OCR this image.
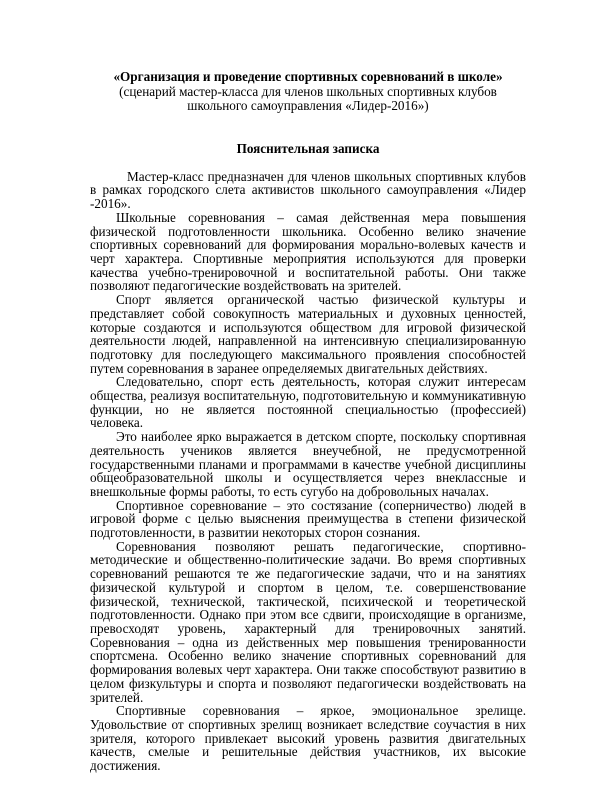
«Организация и проведение спортивных соревнований в школе»
(сценарий мастер-класса для членов школьных спортивных клубов
школьного самоуправления «Лидер-2016»)
Пояснительная записка

Мастер-класс предназначен для членов школьных спортивных клубов в рамках городского слета активистов школьного самоуправления «Лидер -2016».

Школьные соревнования – самая действенная мера повышения физической подготовленности школьника. Особенно велико значение спортивных соревнований для формирования морально-волевых качеств и черт характера. Спортивные мероприятия используются для проверки качества учебно-тренировочной и воспитательной работы. Они также позволяют педагогические воздействовать на зрителей.

Спорт является органической частью физической культуры и представляет собой совокупность материальных и духовных ценностей, которые создаются и используются обществом для игровой физической деятельности людей, направленной на интенсивную специализированную подготовку для последующего максимального проявления способностей путем соревнования в заранее определяемых двигательных действиях.

Следовательно, спорт есть деятельность, которая служит интересам общества, реализуя воспитательную, подготовительную и коммуникативную функции, но не является постоянной специальностью (профессией) человека.

Это наиболее ярко выражается в детском спорте, поскольку спортивная деятельность учеников является внеучебной, не предусмотренной государственными планами и программами в качестве учебной дисциплины общеобразовательной школы и осуществляется через внеклассные и внешкольные формы работы, то есть сугубо на добровольных началах.

Спортивное соревнование – это состязание (соперничество) людей в игровой форме с целью выяснения преимущества в степени физической подготовленности, в развитии некоторых сторон сознания.

Соревнования позволяют решать педагогические, спортивно-методические и общественно-политические задачи. Во время спортивных соревнований решаются те же педагогические задачи, что и на занятиях физической культурой и спортом в целом, т.е. совершенствование физической, технической, тактической, психической и теоретической подготовленности. Однако при этом все сдвиги, происходящие в организме, превосходят уровень, характерный для тренировочных занятий. Соревнования – одна из действенных мер повышения тренированности спортсмена. Особенно велико значение спортивных соревнований для формирования волевых черт характера. Они также способствуют развитию в целом физкультуры и спорта и позволяют педагогически воздействовать на зрителей.

Спортивные соревнования – яркое, эмоциональное зрелище. Удовольствие от спортивных зрелищ возникает вследствие соучастия в них зрителя, которого привлекает высокий уровень развития двигательных качеств, смелые и решительные действия участников, их высокие достижения.
